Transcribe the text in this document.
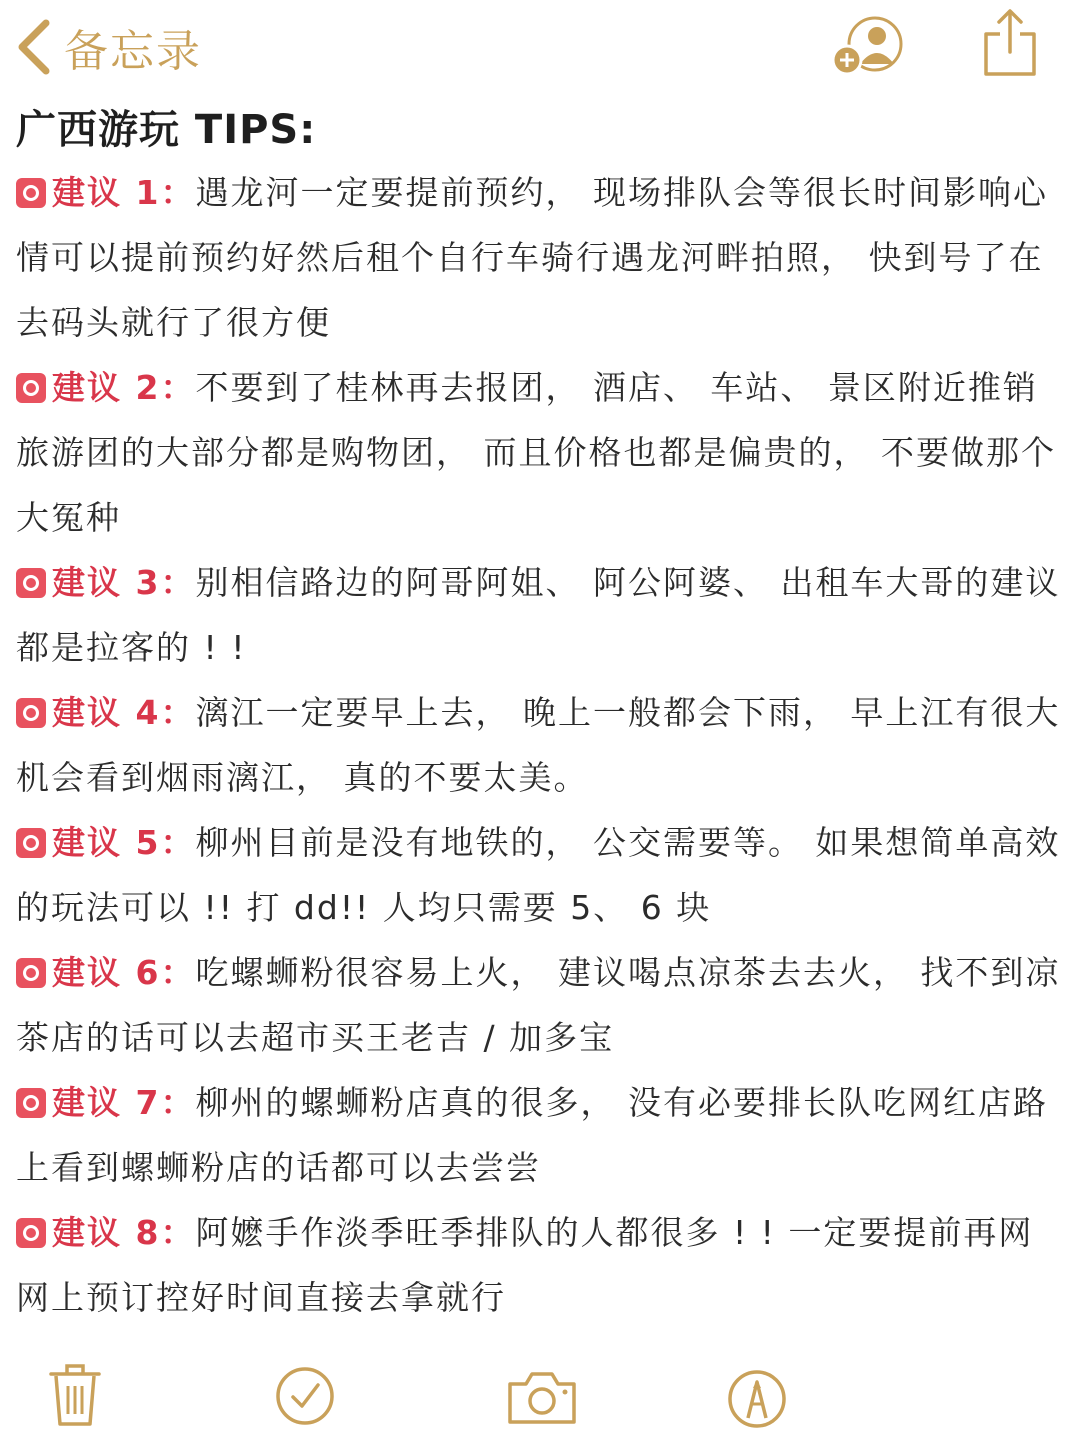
备忘录
广西游玩 TIPS:
建议 1：遇龙河一定要提前预约， 现场排队会等很长时间影响心情可以提前预约好然后租个自行车骑行遇龙河畔拍照， 快到号了在去码头就行了很方便
建议 2：不要到了桂林再去报团， 酒店、 车站、 景区附近推销旅游团的大部分都是购物团， 而且价格也都是偏贵的， 不要做那个大冤种
建议 3：别相信路边的阿哥阿姐、 阿公阿婆、 出租车大哥的建议都是拉客的 ! !
建议 4：漓江一定要早上去， 晚上一般都会下雨， 早上江有很大机会看到烟雨漓江， 真的不要太美。
建议 5：柳州目前是没有地铁的， 公交需要等。 如果想简单高效的玩法可以 !! 打 dd!! 人均只需要 5、 6 块
建议 6：吃螺蛳粉很容易上火， 建议喝点凉茶去去火， 找不到凉茶店的话可以去超市买王老吉 / 加多宝
建议 7：柳州的螺蛳粉店真的很多， 没有必要排长队吃网红店路上看到螺蛳粉店的话都可以去尝尝
建议 8：阿嬷手作淡季旺季排队的人都很多 ! ! 一定要提前再网网上预订控好时间直接去拿就行
